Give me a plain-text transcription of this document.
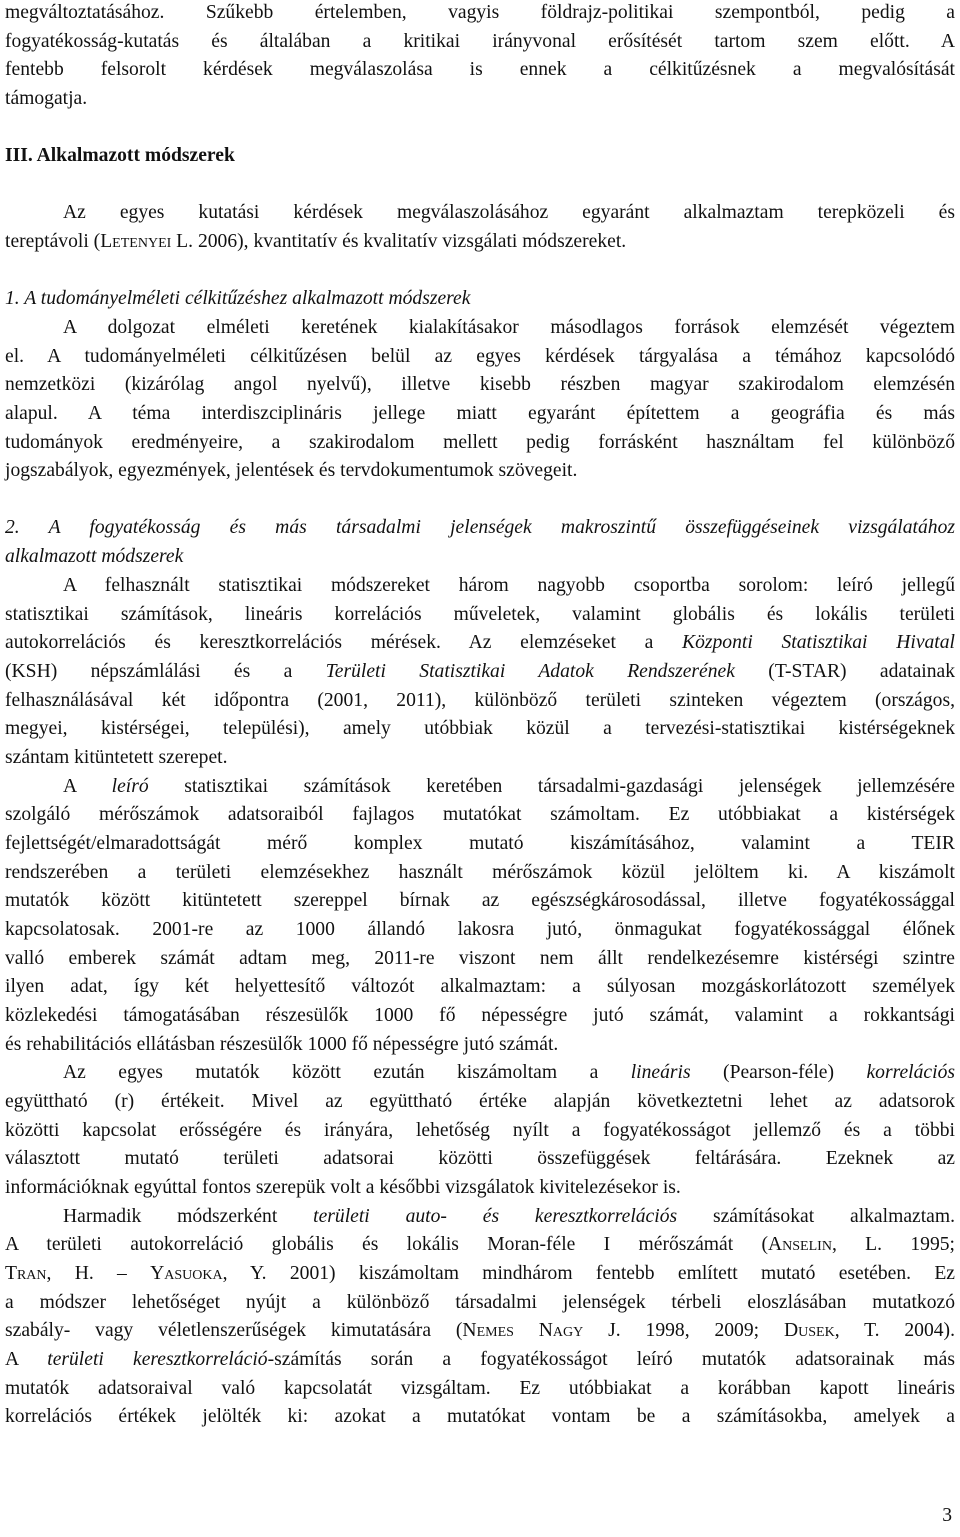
megváltoztatásához. Szűkebb értelemben, vagyis földrajz-politikai szempontból, pedig a
fogyatékosság-kutatás és általában a kritikai irányvonal erősítését tartom szem előtt. A
fentebb felsorolt kérdések megválaszolása is ennek a célkitűzésnek a megvalósítását
támogatja.
III. Alkalmazott módszerek
Az egyes kutatási kérdések megválaszolásához egyaránt alkalmaztam terepközeli és
tereptávoli (Letenyei L. 2006), kvantitatív és kvalitatív vizsgálati módszereket.
1. A tudományelméleti célkitűzéshez alkalmazott módszerek
A dolgozat elméleti keretének kialakításakor másodlagos források elemzését végeztem
el. A tudományelméleti célkitűzésen belül az egyes kérdések tárgyalása a témához kapcsolódó
nemzetközi (kizárólag angol nyelvű), illetve kisebb részben magyar szakirodalom elemzésén
alapul. A téma interdiszciplináris jellege miatt egyaránt építettem a geográfia és más
tudományok eredményeire, a szakirodalom mellett pedig forrásként használtam fel különböző
jogszabályok, egyezmények, jelentések és tervdokumentumok szövegeit.
2. A fogyatékosság és más társadalmi jelenségek makroszintű összefüggéseinek vizsgálatához
alkalmazott módszerek
A felhasznált statisztikai módszereket három nagyobb csoportba sorolom: leíró jellegű
statisztikai számítások, lineáris korrelációs műveletek, valamint globális és lokális területi
autokorrelációs és keresztkorrelációs mérések. Az elemzéseket a Központi Statisztikai Hivatal
(KSH) népszámlálási és a Területi Statisztikai Adatok Rendszerének (T-STAR) adatainak
felhasználásával két időpontra (2001, 2011), különböző területi szinteken végeztem (országos,
megyei, kistérségei, települési), amely utóbbiak közül a tervezési-statisztikai kistérségeknek
szántam kitüntetett szerepet.
A leíró statisztikai számítások keretében társadalmi-gazdasági jelenségek jellemzésére
szolgáló mérőszámok adatsoraiból fajlagos mutatókat számoltam. Ez utóbbiakat a kistérségek
fejlettségét/elmaradottságát mérő komplex mutató kiszámításához, valamint a TEIR
rendszerében a területi elemzésekhez használt mérőszámok közül jelöltem ki. A kiszámolt
mutatók között kitüntetett szereppel bírnak az egészségkárosodással, illetve fogyatékossággal
kapcsolatosak. 2001-re az 1000 állandó lakosra jutó, önmagukat fogyatékossággal élőnek
valló emberek számát adtam meg, 2011-re viszont nem állt rendelkezésemre kistérségi szintre
ilyen adat, így két helyettesítő változót alkalmaztam: a súlyosan mozgáskorlátozott személyek
közlekedési támogatásában részesülők 1000 fő népességre jutó számát, valamint a rokkantsági
és rehabilitációs ellátásban részesülők 1000 fő népességre jutó számát.
Az egyes mutatók között ezután kiszámoltam a lineáris (Pearson-féle) korrelációs
együttható (r) értékeit. Mivel az együttható értéke alapján következtetni lehet az adatsorok
közötti kapcsolat erősségére és irányára, lehetőség nyílt a fogyatékosságot jellemző és a többi
választott mutató területi adatsorai közötti összefüggések feltárására. Ezeknek az
információknak egyúttal fontos szerepük volt a későbbi vizsgálatok kivitelezésekor is.
Harmadik módszerként területi auto- és keresztkorrelációs számításokat alkalmaztam.
A területi autokorreláció globális és lokális Moran-féle I mérőszámát (Anselin, L. 1995;
Tran, H. – Yasuoka, Y. 2001) kiszámoltam mindhárom fentebb említett mutató esetében. Ez
a módszer lehetőséget nyújt a különböző társadalmi jelenségek térbeli eloszlásában mutatkozó
szabály- vagy véletlenszerűségek kimutatására (Nemes Nagy J. 1998, 2009; Dusek, T. 2004).
A területi keresztkorreláció-számítás során a fogyatékosságot leíró mutatók adatsorainak más
mutatók adatsoraival való kapcsolatát vizsgáltam. Ez utóbbiakat a korábban kapott lineáris
korrelációs értékek jelölték ki: azokat a mutatókat vontam be a számításokba, amelyek a
3
